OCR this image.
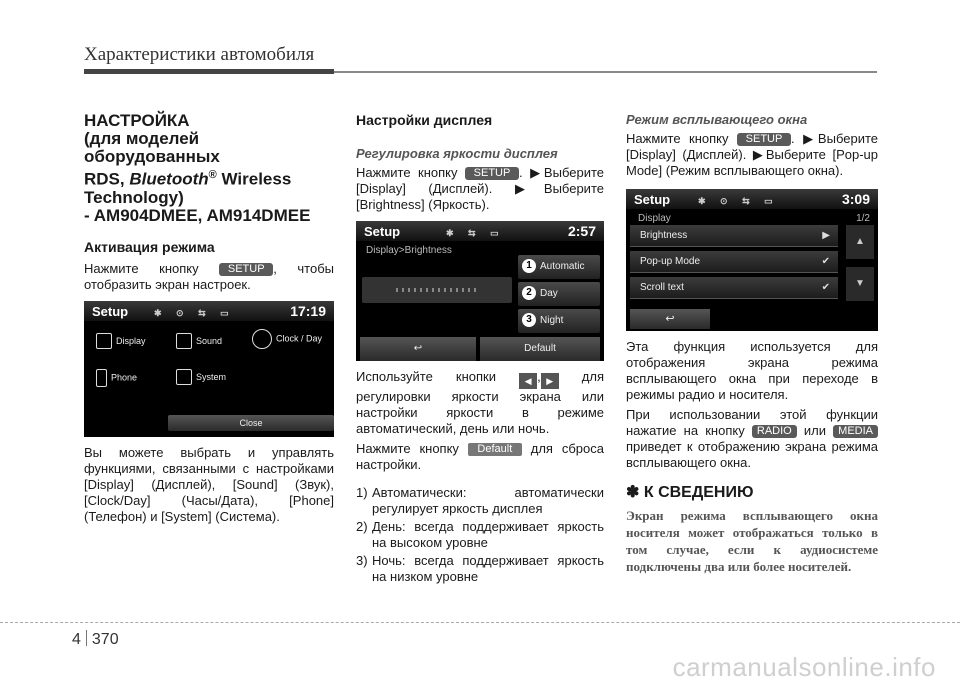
Характеристики автомобиля
НАСТРОЙКА
(для моделей оборудованных
RDS, Bluetooth® Wireless
Technology)
- AM904DMEE, AM914DMEE
Активация режима

Нажмите кнопку SETUP , чтобы отобразить экран настроек.

Setup	✱ ⊙ ⇆ ▭	17:19
Display	Sound	Clock / Day
Phone	System
Close

Вы можете выбрать и управлять функциями, связанными с настройками [Display] (Дисплей), [Sound] (Звук), [Clock/Day] (Часы/Дата), [Phone] (Телефон) и [System] (Система).

Настройки дисплея
Регулировка яркости дисплея

Нажмите кнопку SETUP . ▶Выберите [Display] (Дисплей). ▶Выберите [Brightness] (Яркость).

Setup	✱ ⇆ ▭	2:57
Display>Brightness
1 Automatic
2 Day
3 Night
↩	Default

Используйте кнопки ◀ , ▶ для регулировки яркости экрана или настройки яркости в режиме автоматический, день или ночь.

Нажмите кнопку Default для сброса настройки.

1) Автоматически: автоматически регулирует яркость дисплея
2) День: всегда поддерживает яркость на высоком уровне
3) Ночь: всегда поддерживает яркость на низком уровне
Режим всплывающего окна

Нажмите кнопку SETUP . ▶Выберите [Display] (Дисплей). ▶Выберите [Pop-up Mode] (Режим всплывающего окна).

Setup	✱ ⊙ ⇆ ▭	3:09
Display	1/2
Brightness	▶
Pop-up Mode	✔
Scroll text	✔
▲
▼
↩

Эта функция используется для отображения экрана режима всплывающего окна при переходе в режимы радио и носителя.

При использовании этой функции нажатие на кнопку RADIO или MEDIA приведет к отображению экрана режима всплывающего окна.

✽ К СВЕДЕНИЮ
Экран режима всплывающего окна носителя может отображаться только в том случае, если к аудиосистеме подключены два или более носителей.
4 370
carmanualsonline.info
